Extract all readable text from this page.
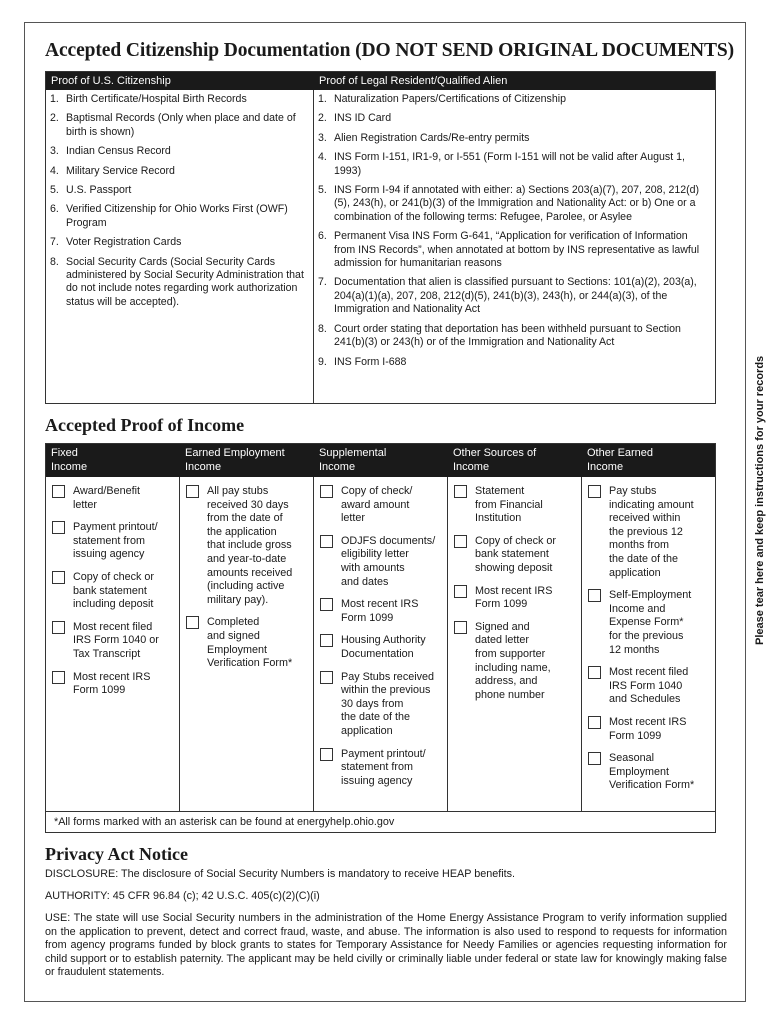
Accepted Citizenship Documentation (DO NOT SEND ORIGINAL DOCUMENTS)
Proof of U.S. Citizenship	Proof of Legal Resident/Qualified Alien
1. Birth Certificate/Hospital Birth Records
2. Baptismal Records (Only when place and date of birth is shown)
3. Indian Census Record
4. Military Service Record
5. U.S. Passport
6. Verified Citizenship for Ohio Works First (OWF) Program
7. Voter Registration Cards
8. Social Security Cards (Social Security Cards administered by Social Security Administration that do not include notes regarding work authorization status will be accepted).
1. Naturalization Papers/Certifications of Citizenship
2. INS ID Card
3. Alien Registration Cards/Re-entry permits
4. INS Form I-151, IR1-9, or I-551 (Form I-151 will not be valid after August 1, 1993)
5. INS Form I-94 if annotated with either: a) Sections 203(a)(7), 207, 208, 212(d)(5), 243(h), or 241(b)(3) of the Immigration and Nationality Act: or b) One or a combination of the following terms: Refugee, Parolee, or Asylee
6. Permanent Visa INS Form G-641, “Application for verification of Information from INS Records”, when annotated at bottom by INS representative as lawful admission for humanitarian reasons
7. Documentation that alien is classified pursuant to Sections: 101(a)(2), 203(a), 204(a)(1)(a), 207, 208, 212(d)(5), 241(b)(3), 243(h), or 244(a)(3), of the Immigration and Nationality Act
8. Court order stating that deportation has been withheld pursuant to Section 241(b)(3) or 243(h) or of the Immigration and Nationality Act
9. INS Form I-688
Accepted Proof of Income
Fixed
Income
Earned Employment
Income
Supplemental
Income
Other Sources of
Income
Other Earned
Income
Award/Benefit
letter
Payment printout/
statement from
issuing agency
Copy of check or
bank statement
including deposit
Most recent filed
IRS Form 1040 or
Tax Transcript
Most recent IRS
Form 1099
All pay stubs
received 30 days
from the date of
the application
that include gross
and year-to-date
amounts received
(including active
military pay).
Completed
and signed
Employment
Verification Form*
Copy of check/
award amount
letter
ODJFS documents/
eligibility letter
with amounts
and dates
Most recent IRS
Form 1099
Housing Authority
Documentation
Pay Stubs received
within the previous
30 days from
the date of the
application
Payment printout/
statement from
issuing agency
Statement
from Financial
Institution
Copy of check or
bank statement
showing deposit
Most recent IRS
Form 1099
Signed and
dated letter
from supporter
including name,
address, and
phone number
Pay stubs
indicating amount
received within
the previous 12
months from
the date of the
application
Self-Employment
Income and
Expense Form*
for the previous
12 months
Most recent filed
IRS Form 1040
and Schedules
Most recent IRS
Form 1099
Seasonal
Employment
Verification Form*
*All forms marked with an asterisk can be found at energyhelp.ohio.gov
Privacy Act Notice
DISCLOSURE: The disclosure of Social Security Numbers is mandatory to receive HEAP benefits.
AUTHORITY: 45 CFR 96.84 (c); 42 U.S.C. 405(c)(2)(C)(i)
USE: The state will use Social Security numbers in the administration of the Home Energy Assistance Program to verify information supplied on the application to prevent, detect and correct fraud, waste, and abuse. The information is also used to respond to requests for information from agency programs funded by block grants to states for Temporary Assistance for Needy Families or agencies requesting information for child support or to establish paternity. The applicant may be held civilly or criminally liable under federal or state law for knowingly making false or fraudulent statements.
Please tear here and keep instructions for your records
